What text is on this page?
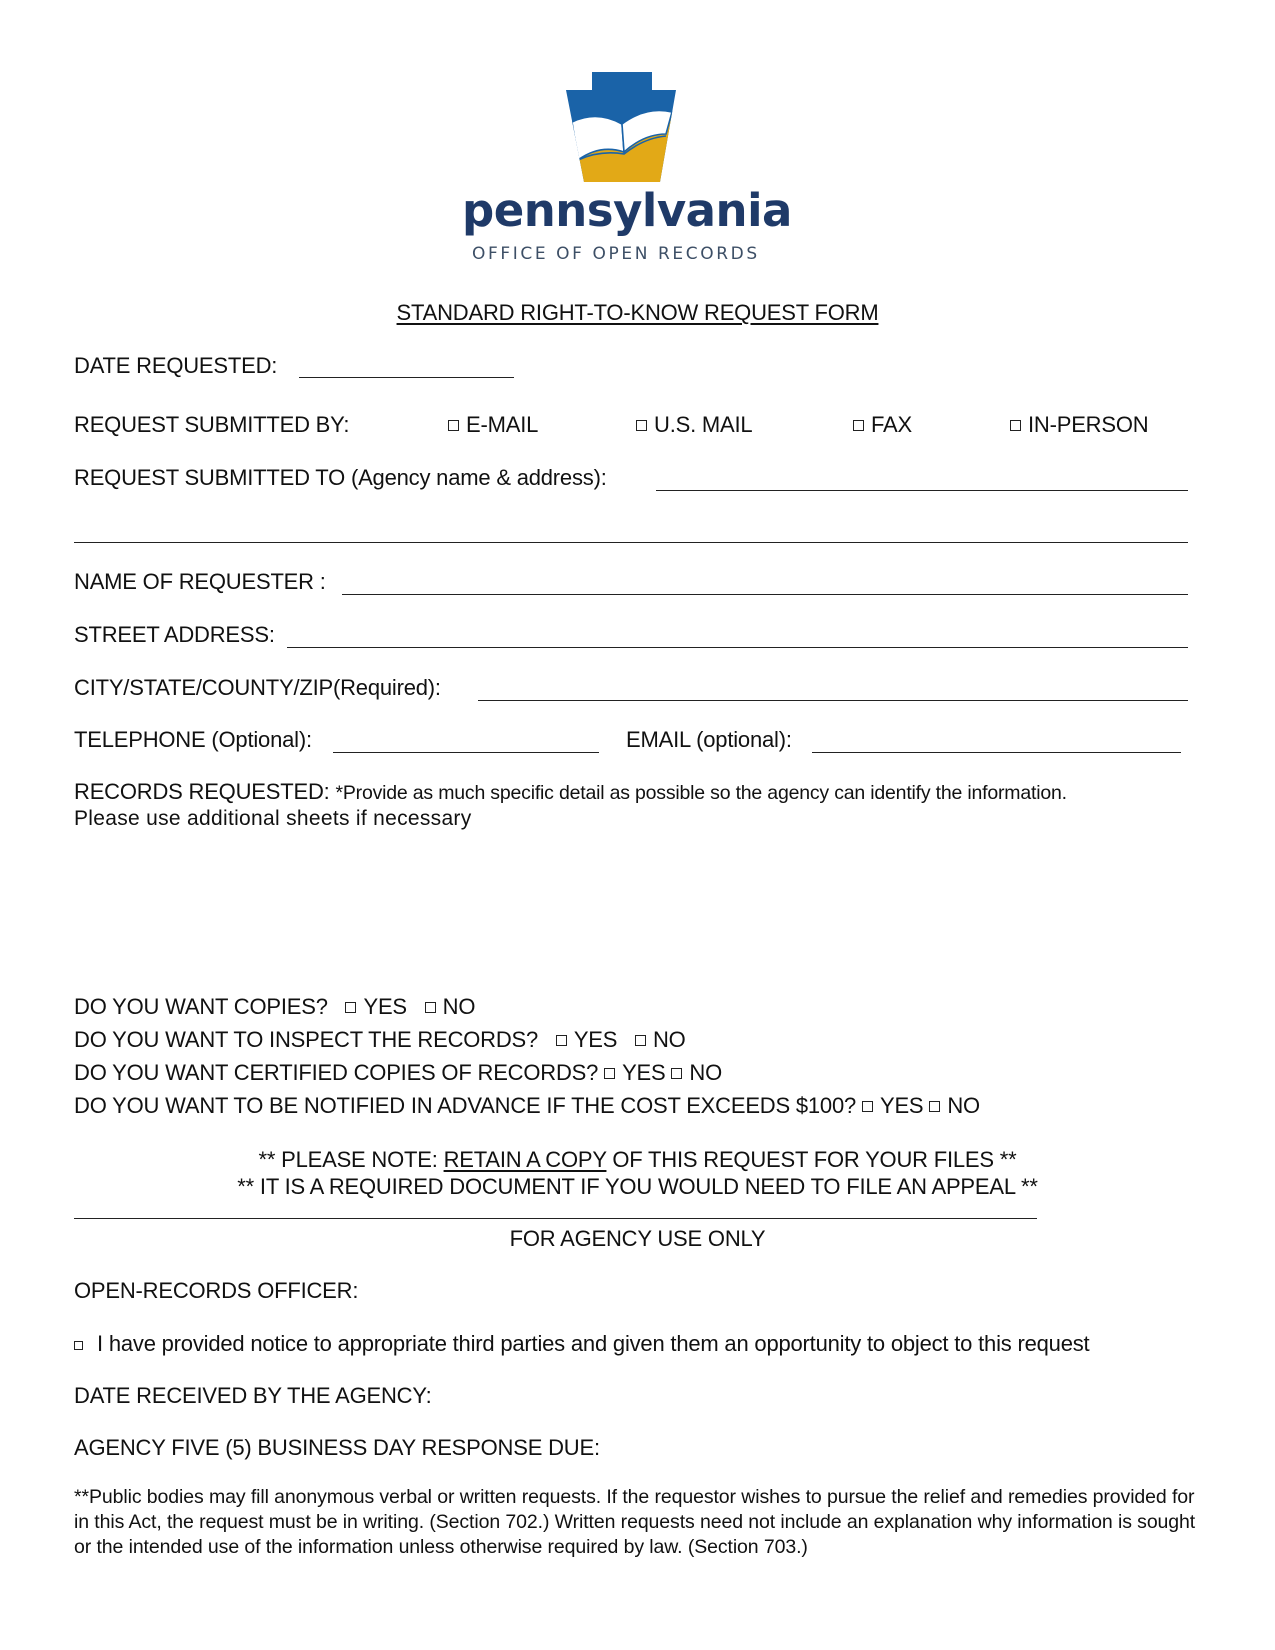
pennsylvania
OFFICE OF OPEN RECORDS
STANDARD RIGHT-TO-KNOW REQUEST FORM
DATE REQUESTED:
REQUEST SUBMITTED BY:	E-MAIL	U.S. MAIL	FAX	IN-PERSON
REQUEST SUBMITTED TO (Agency name & address):
NAME OF REQUESTER :
STREET ADDRESS:
CITY/STATE/COUNTY/ZIP(Required):
TELEPHONE (Optional):	EMAIL (optional):
RECORDS REQUESTED: *Provide as much specific detail as possible so the agency can identify the information.
Please use additional sheets if necessary
DO YOU WANT COPIES? YES NO
DO YOU WANT TO INSPECT THE RECORDS? YES NO
DO YOU WANT CERTIFIED COPIES OF RECORDS? YES NO
DO YOU WANT TO BE NOTIFIED IN ADVANCE IF THE COST EXCEEDS $100? YES NO
** PLEASE NOTE: RETAIN A COPY OF THIS REQUEST FOR YOUR FILES **
** IT IS A REQUIRED DOCUMENT IF YOU WOULD NEED TO FILE AN APPEAL **
FOR AGENCY USE ONLY
OPEN-RECORDS OFFICER:
I have provided notice to appropriate third parties and given them an opportunity to object to this request
DATE RECEIVED BY THE AGENCY:
AGENCY FIVE (5) BUSINESS DAY RESPONSE DUE:
**Public bodies may fill anonymous verbal or written requests. If the requestor wishes to pursue the relief and remedies provided for in this Act, the request must be in writing. (Section 702.) Written requests need not include an explanation why information is sought or the intended use of the information unless otherwise required by law. (Section 703.)
